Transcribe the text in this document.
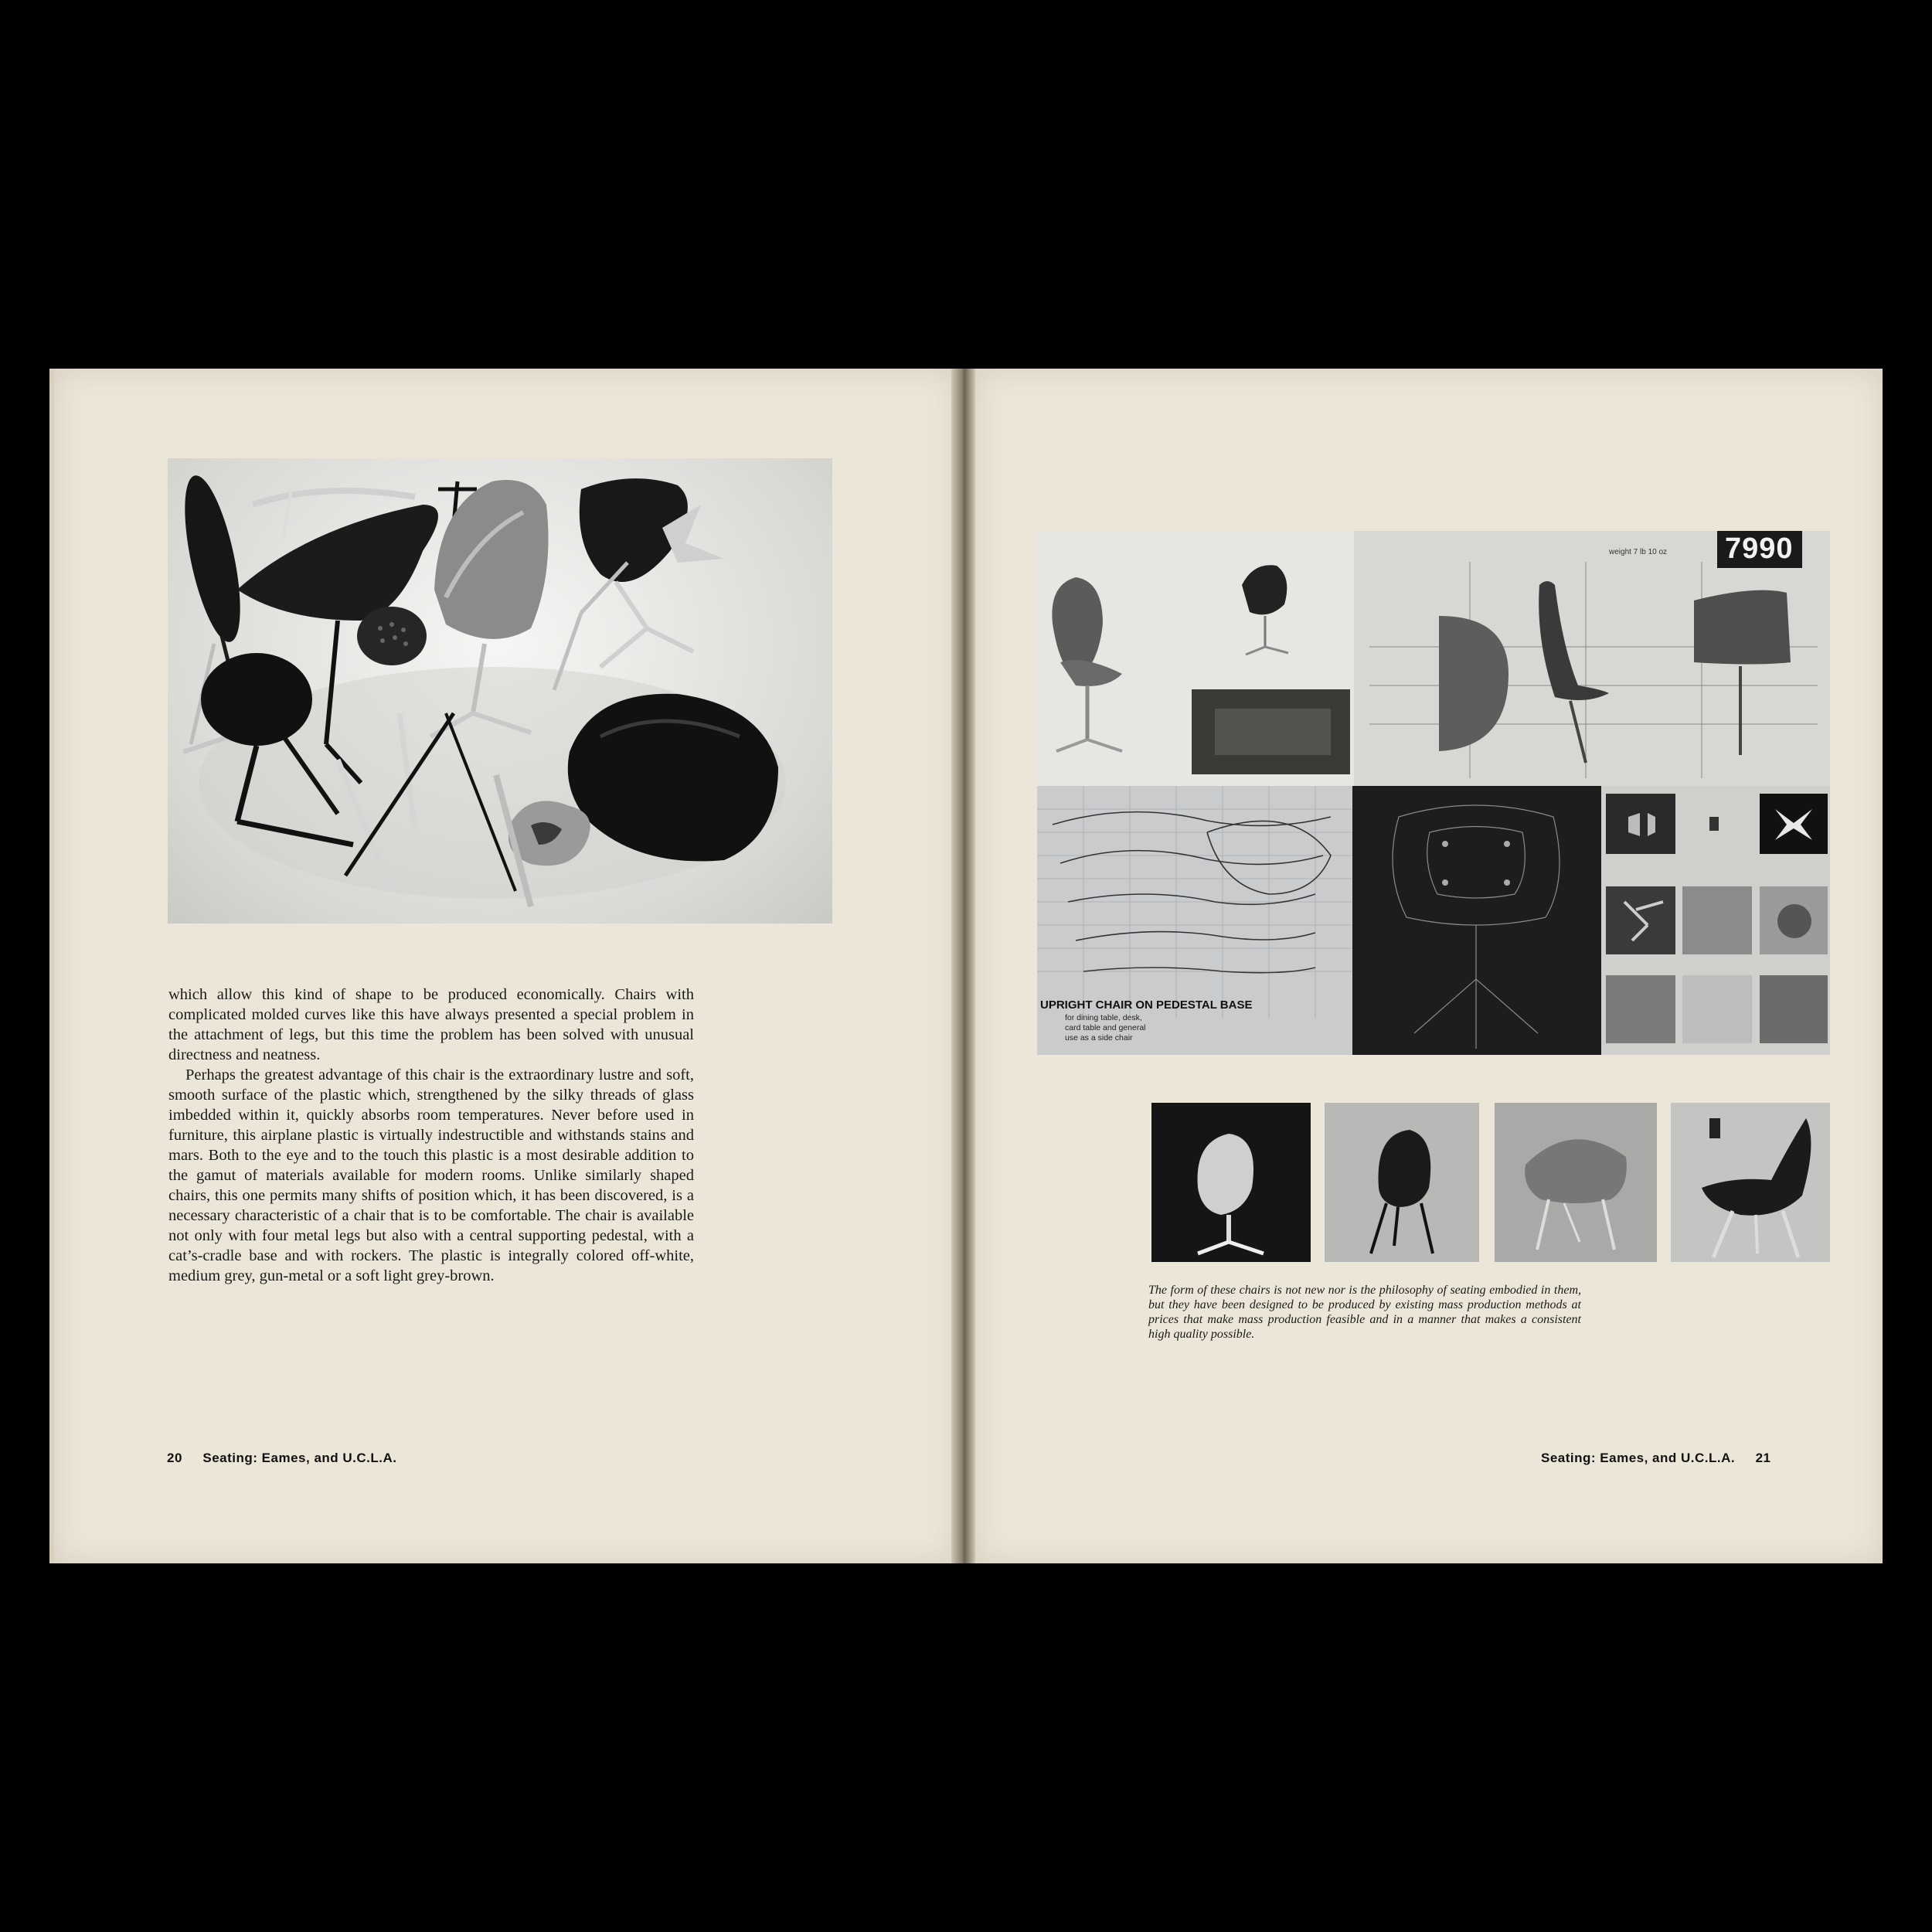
which allow this kind of shape to be produced economically. Chairs with complicated molded curves like this have always presented a special problem in the attachment of legs, but this time the problem has been solved with unusual directness and neatness.

Perhaps the greatest advantage of this chair is the extraordinary lustre and soft, smooth surface of the plastic which, strengthened by the silky threads of glass imbedded within it, quickly absorbs room temperatures. Never before used in furniture, this airplane plastic is virtually indestructible and withstands stains and mars. Both to the eye and to the touch this plastic is a most desirable addition to the gamut of materials available for modern rooms. Unlike similarly shaped chairs, this one permits many shifts of position which, it has been discovered, is a necessary characteristic of a chair that is to be comfortable. The chair is available not only with four metal legs but also with a central supporting pedestal, with a cat’s-cradle base and with rockers. The plastic is integrally colored off-white, medium grey, gun-metal or a soft light grey-brown.

20 Seating: Eames, and U.C.L.A.
7990
weight 7 lb 10 oz
UPRIGHT CHAIR ON PEDESTAL BASE
for dining table, desk,
card table and general
use as a side chair

The form of these chairs is not new nor is the philosophy of seating embodied in them, but they have been designed to be produced by existing mass production methods at prices that make mass production feasible and in a manner that makes a consistent high quality possible.

Seating: Eames, and U.C.L.A. 21
